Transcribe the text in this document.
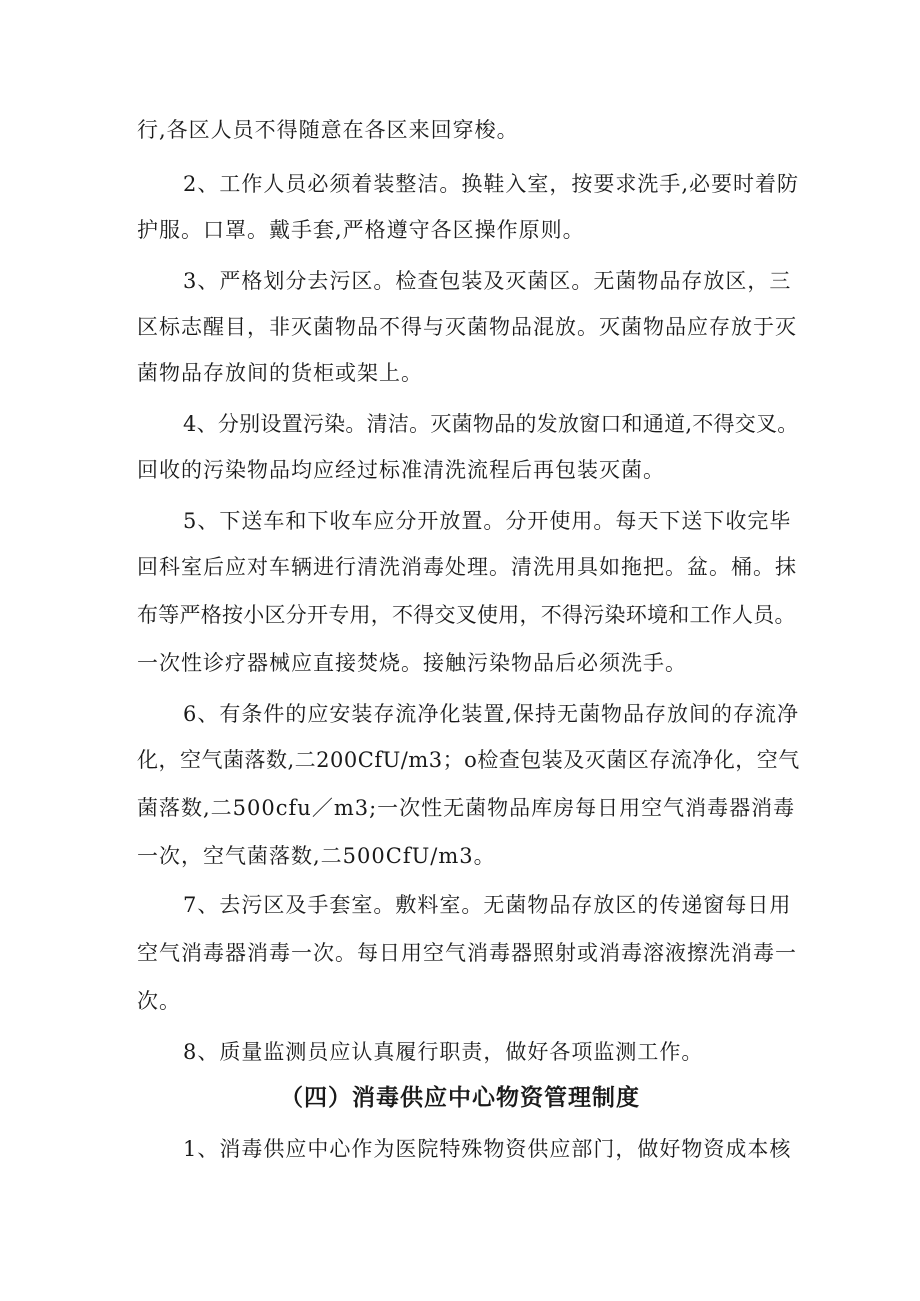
行,各区人员不得随意在各区来回穿梭。
2、工作人员必须着装整洁。换鞋入室，按要求洗手,必要时着防
护服。口罩。戴手套,严格遵守各区操作原则。
3、严格划分去污区。检查包装及灭菌区。无菌物品存放区，三
区标志醒目，非灭菌物品不得与灭菌物品混放。灭菌物品应存放于灭
菌物品存放间的货柜或架上。
4、分别设置污染。清洁。灭菌物品的发放窗口和通道,不得交叉。
回收的污染物品均应经过标准清洗流程后再包装灭菌。
5、下送车和下收车应分开放置。分开使用。每天下送下收完毕
回科室后应对车辆进行清洗消毒处理。清洗用具如拖把。盆。桶。抹
布等严格按小区分开专用，不得交叉使用，不得污染环境和工作人员。
一次性诊疗器械应直接焚烧。接触污染物品后必须洗手。
6、有条件的应安装存流净化装置,保持无菌物品存放间的存流净
化，空气菌落数,二200CfU/m3；o检查包装及灭菌区存流净化，空气
菌落数,二500cfu／m3;一次性无菌物品库房每日用空气消毒器消毒
一次，空气菌落数,二500CfU/m3。
7、去污区及手套室。敷料室。无菌物品存放区的传递窗每日用
空气消毒器消毒一次。每日用空气消毒器照射或消毒溶液擦洗消毒一
次。
8、质量监测员应认真履行职责，做好各项监测工作。
（四）消毒供应中心物资管理制度
1、消毒供应中心作为医院特殊物资供应部门，做好物资成本核
